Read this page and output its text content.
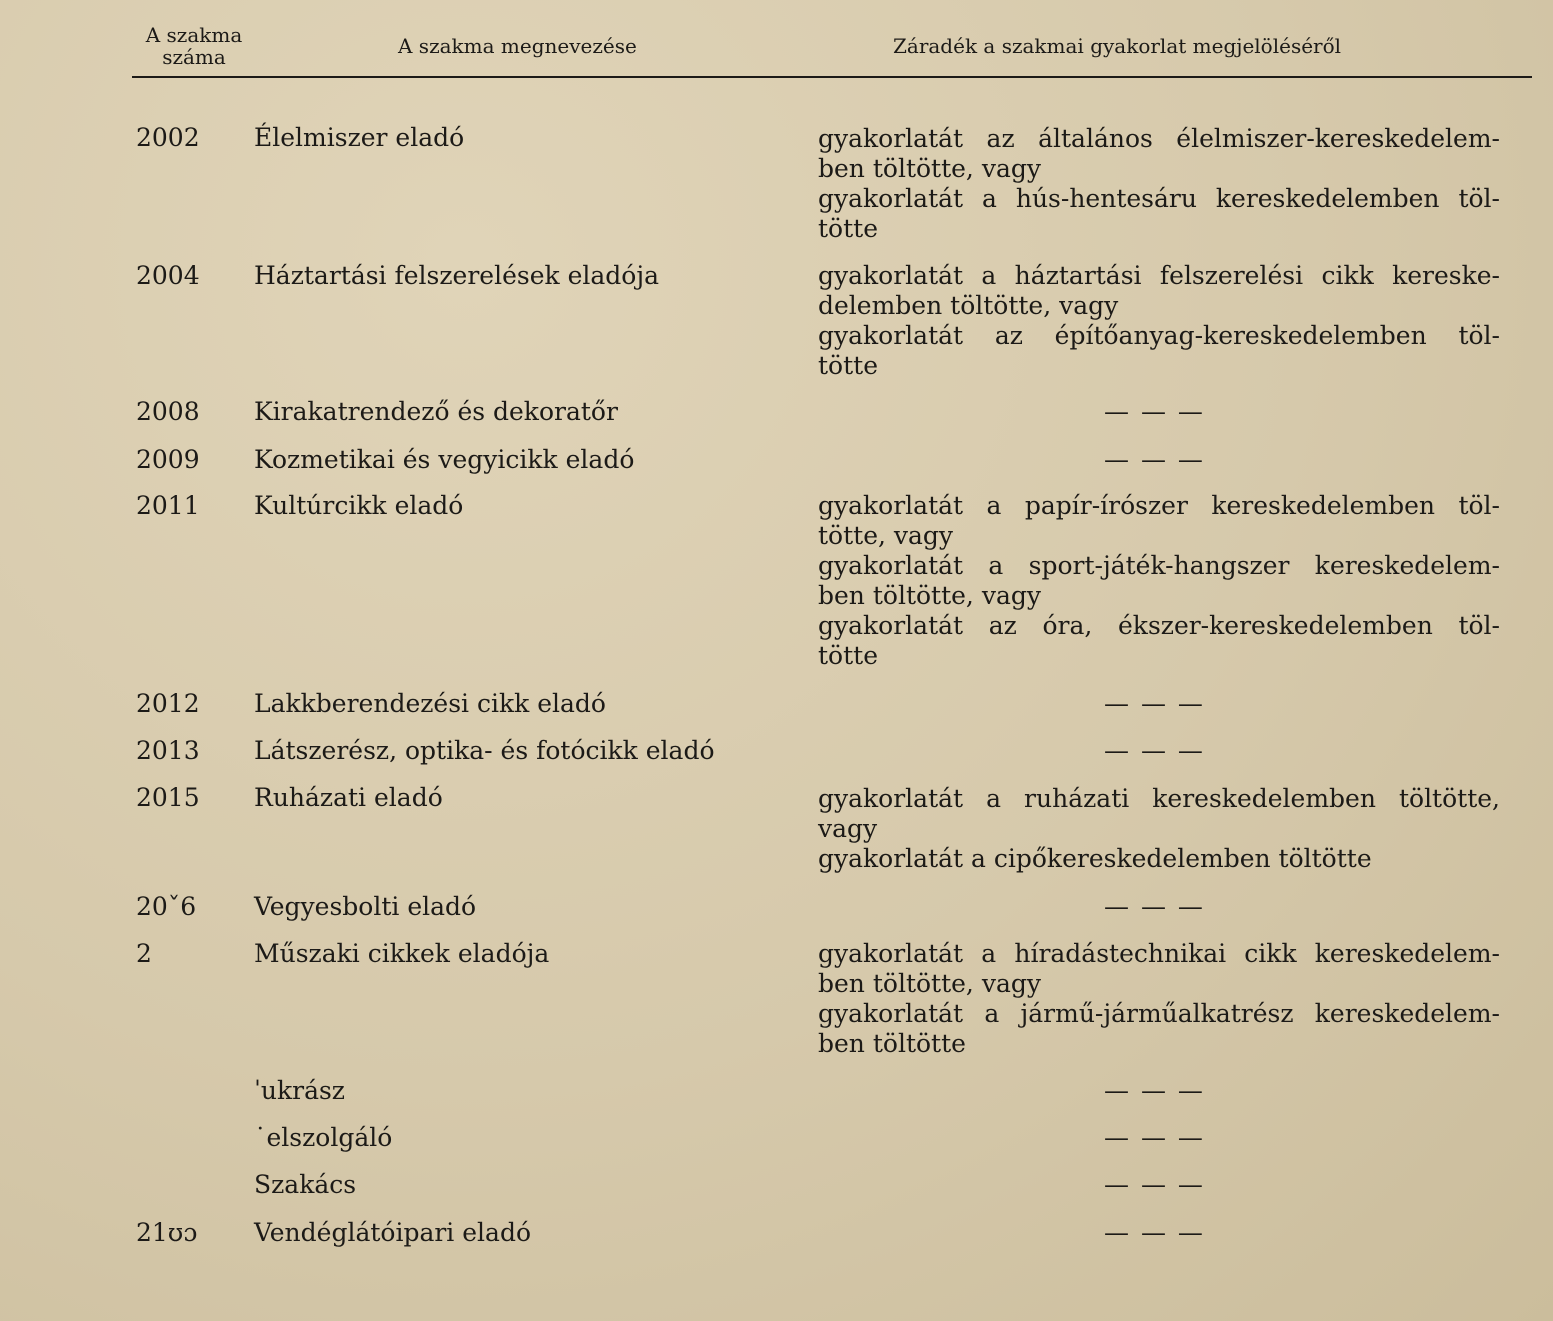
A szakma
száma	A szakma megnevezése	Záradék a szakmai gyakorlat megjelöléséről
2002 Élelmiszer eladó	gyakorlatát az általános élelmiszer-kereskedelem-
ben töltötte, vagy
gyakorlatát a hús-hentesáru kereskedelemben töl-
tötte
2004 Háztartási felszerelések eladója	gyakorlatát a háztartási felszerelési cikk kereske-
delemben töltötte, vagy
gyakorlatát az építőanyag-kereskedelemben töl-
tötte
2008 Kirakatrendező és dekoratőr	— — —
2009 Kozmetikai és vegyicikk eladó	— — —
2011 Kultúrcikk eladó	gyakorlatát a papír-írószer kereskedelemben töl-
tötte, vagy
gyakorlatát a sport-játék-hangszer kereskedelem-
ben töltötte, vagy
gyakorlatát az óra, ékszer-kereskedelemben töl-
tötte
2012 Lakkberendezési cikk eladó	— — —
2013 Látszerész, optika- és fotócikk eladó	— — —
2015 Ruházati eladó	gyakorlatát a ruházati kereskedelemben töltötte,
vagy
gyakorlatát a cipőkereskedelemben töltötte
20ˇ6 Vegyesbolti eladó	— — —
2	Műszaki cikkek eladója	gyakorlatát a híradástechnikai cikk kereskedelem-
ben töltötte, vagy
gyakorlatát a jármű-járműalkatrész kereskedelem-
ben töltötte
ˈukrász	— — —
˙elszolgáló	— — —
Szakács	— — —
21ʊɔ Vendéglátóipari eladó	— — —
